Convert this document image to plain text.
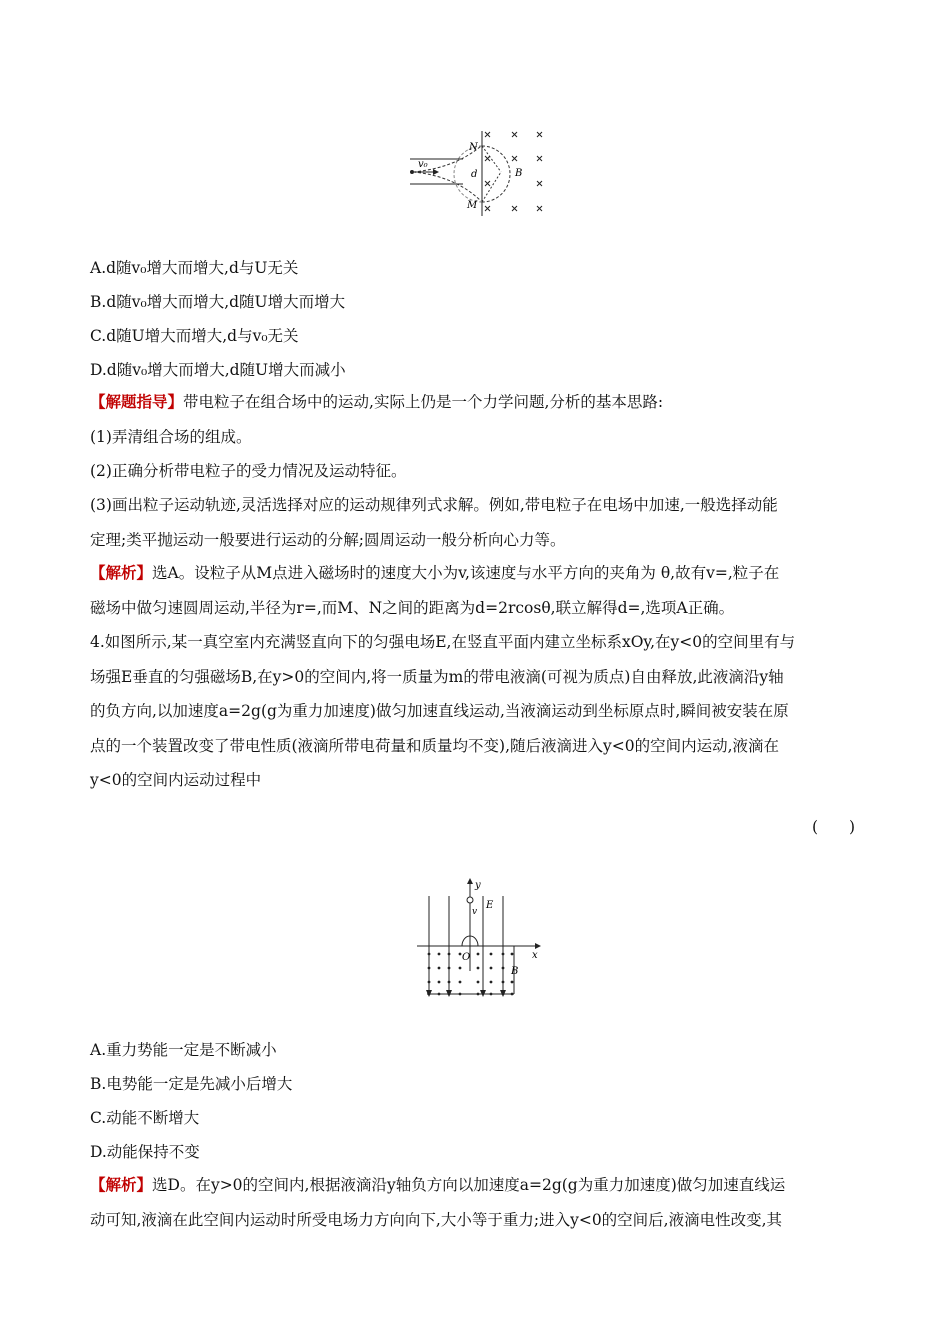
v₀
N
d
M
B
A.d随v₀增大而增大,d与U无关
B.d随v₀增大而增大,d随U增大而增大
C.d随U增大而增大,d与v₀无关
D.d随v₀增大而增大,d随U增大而减小
【解题指导】带电粒子在组合场中的运动,实际上仍是一个力学问题,分析的基本思路:
(1)弄清组合场的组成。
(2)正确分析带电粒子的受力情况及运动特征。
(3)画出粒子运动轨迹,灵活选择对应的运动规律列式求解。例如,带电粒子在电场中加速,一般选择动能
定理;类平抛运动一般要进行运动的分解;圆周运动一般分析向心力等。
【解析】选A。设粒子从M点进入磁场时的速度大小为v,该速度与水平方向的夹角为 θ,故有v=,粒子在
磁场中做匀速圆周运动,半径为r=,而M、N之间的距离为d=2rcosθ,联立解得d=,选项A正确。
4.如图所示,某一真空室内充满竖直向下的匀强电场E,在竖直平面内建立坐标系xOy,在y<0的空间里有与
场强E垂直的匀强磁场B,在y>0的空间内,将一质量为m的带电液滴(可视为质点)自由释放,此液滴沿y轴
的负方向,以加速度a=2g(g为重力加速度)做匀加速直线运动,当液滴运动到坐标原点时,瞬间被安装在原
点的一个装置改变了带电性质(液滴所带电荷量和质量均不变),随后液滴进入y<0的空间内运动,液滴在
y<0的空间内运动过程中
(　　)
y
x
E
v
O
B
A.重力势能一定是不断减小
B.电势能一定是先减小后增大
C.动能不断增大
D.动能保持不变
【解析】选D。在y>0的空间内,根据液滴沿y轴负方向以加速度a=2g(g为重力加速度)做匀加速直线运
动可知,液滴在此空间内运动时所受电场力方向向下,大小等于重力;进入y<0的空间后,液滴电性改变,其
